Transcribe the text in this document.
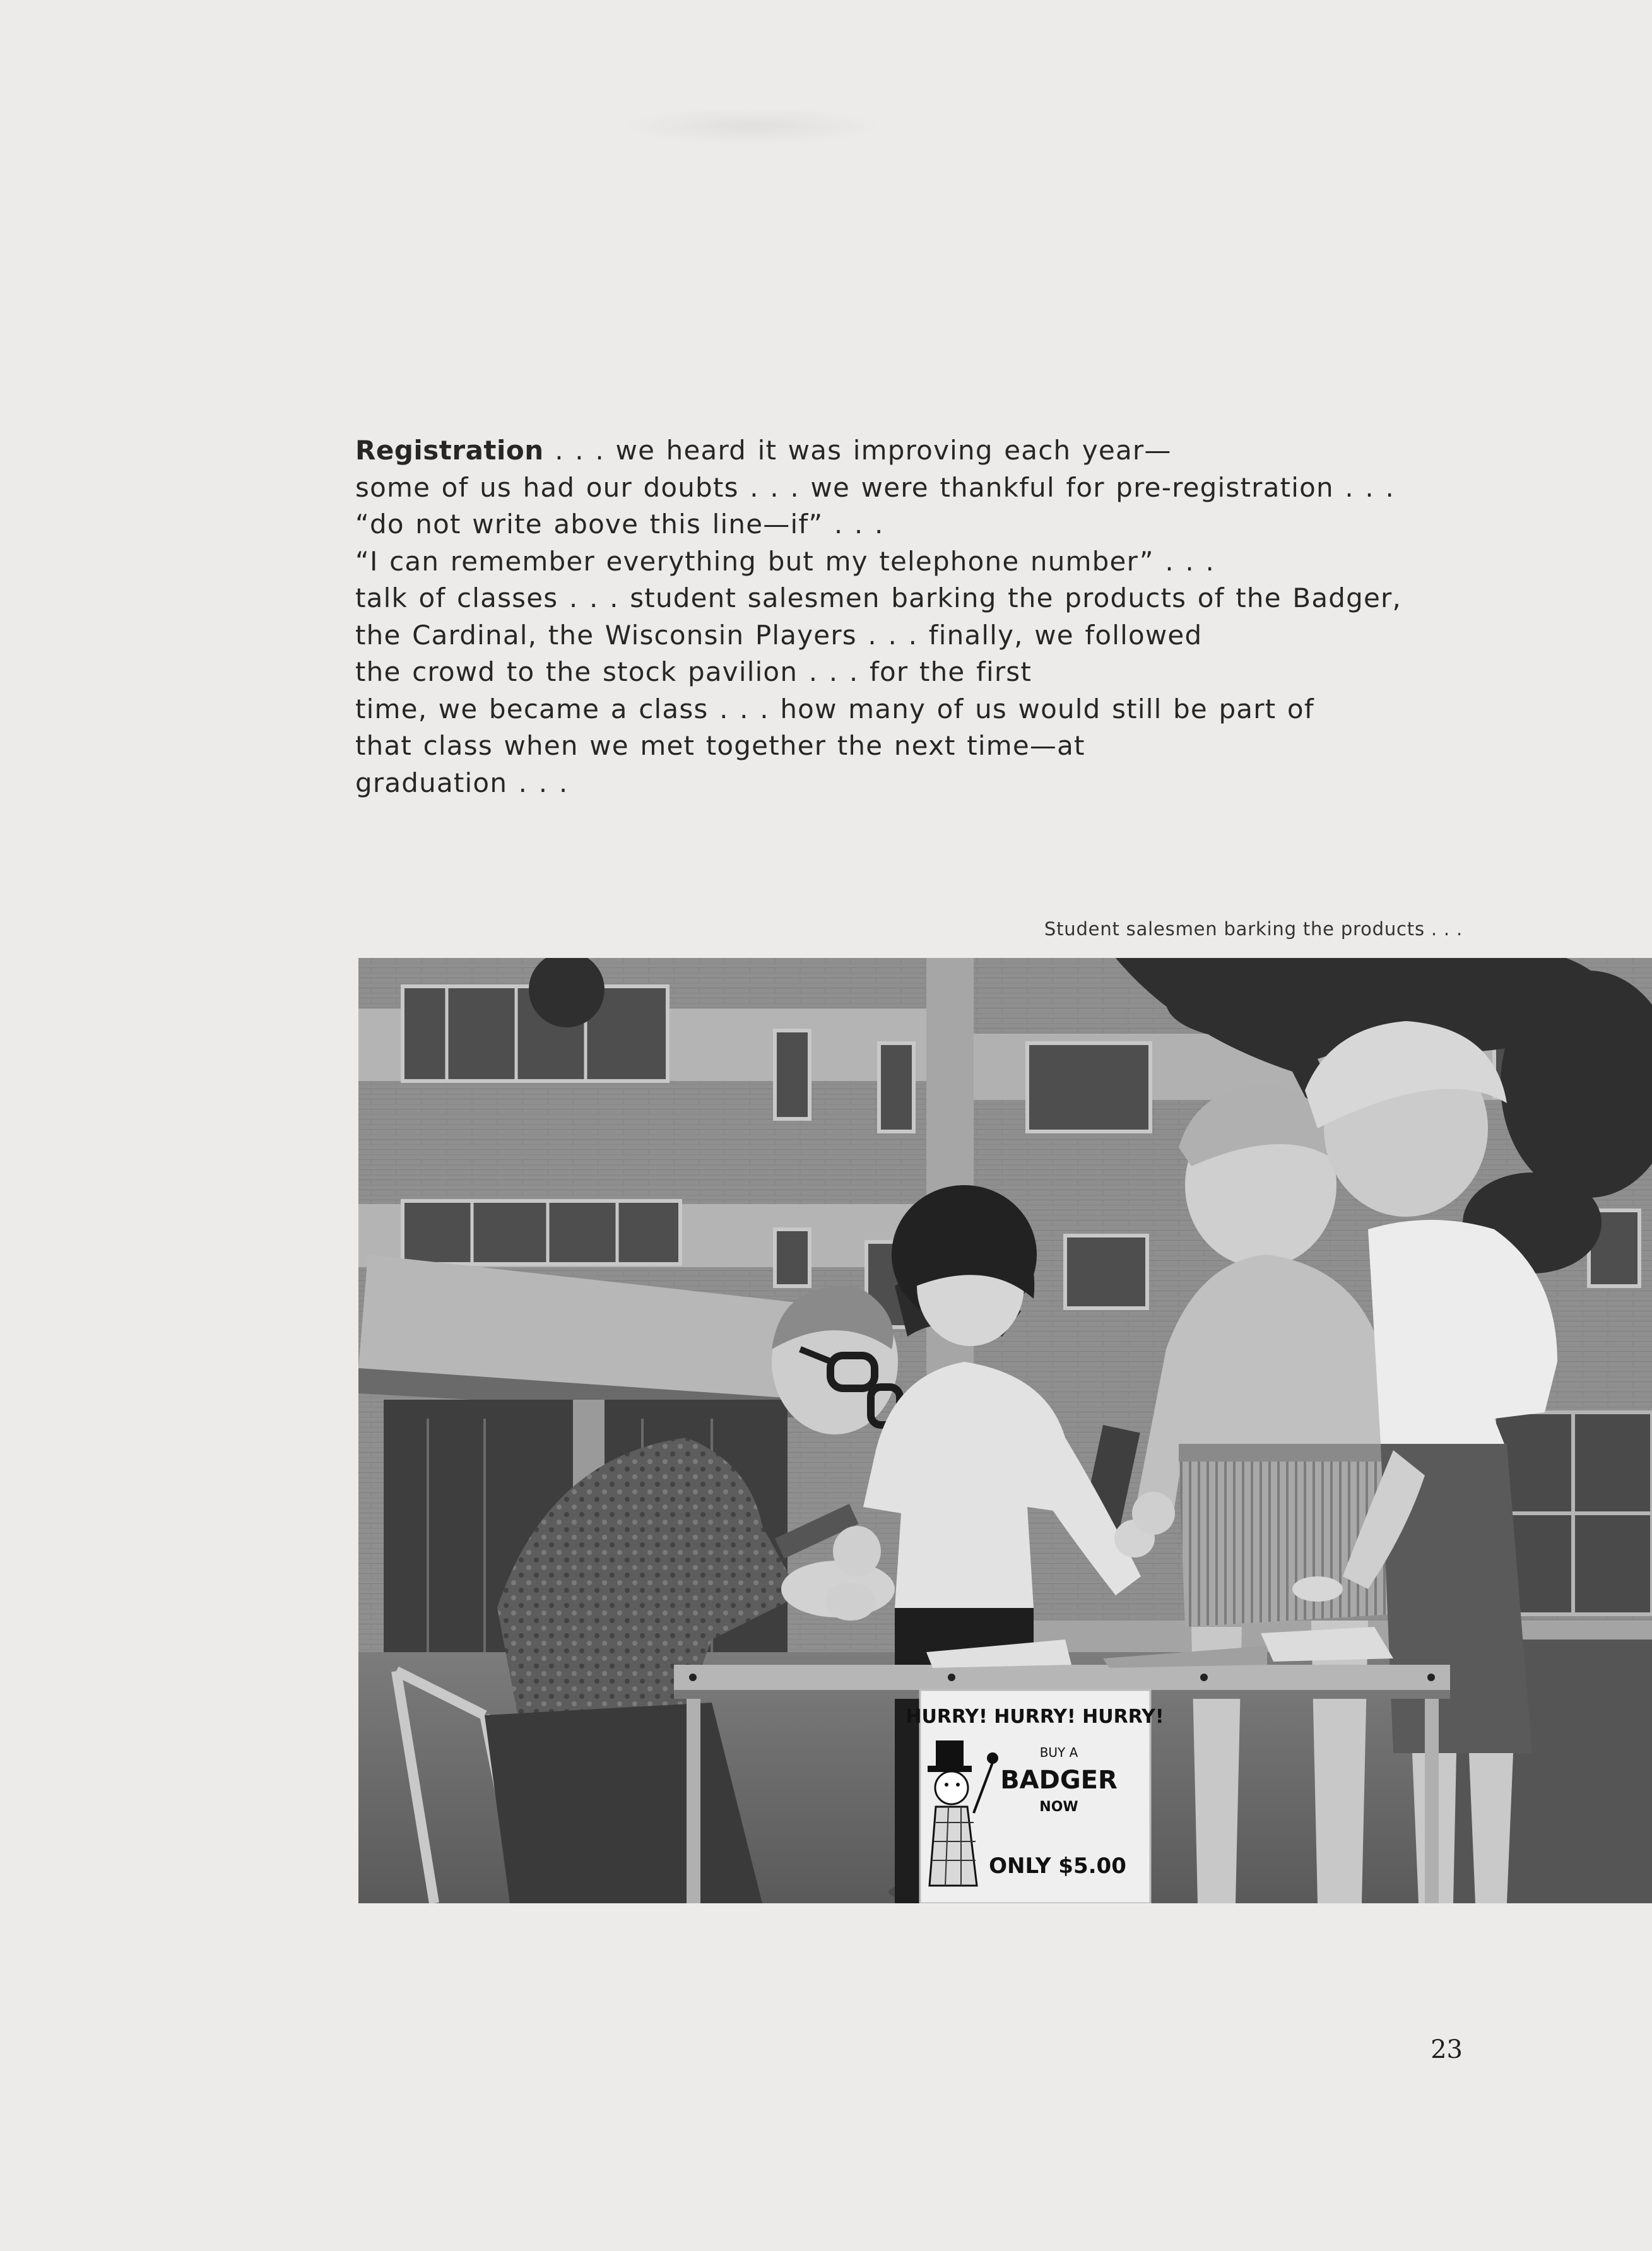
Registration . . . we heard it was improving each year—
some of us had our doubts . . . we were thankful for pre-registration . . .
“do not write above this line—if” . . .
“I can remember everything but my telephone number” . . .
talk of classes . . . student salesmen barking the products of the Badger,
the Cardinal, the Wisconsin Players . . . finally, we followed
the crowd to the stock pavilion . . . for the first
time, we became a class . . . how many of us would still be part of
that class when we met together the next time—at
graduation . . .
Student salesmen barking the products . . .
HURRY! HURRY! HURRY!
BUY A
BADGER
NOW
ONLY $5.00
23
